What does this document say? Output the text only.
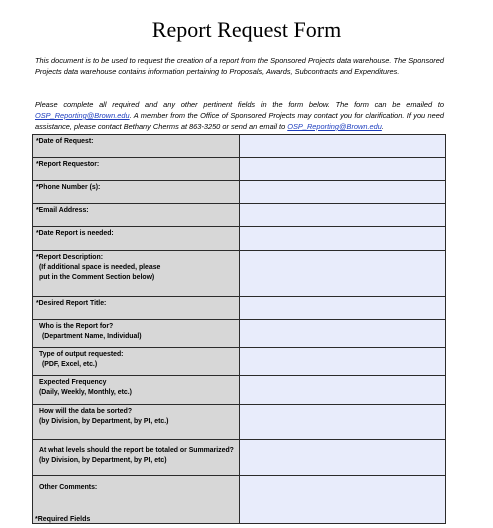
Report Request Form
This document is to be used to request the creation of a report from the Sponsored Projects data warehouse. The Sponsored Projects data warehouse contains information pertaining to Proposals, Awards, Subcontracts and Expenditures.
Please complete all required and any other pertinent fields in the form below. The form can be emailed to OSP_Reporting@Brown.edu. A member from the Office of Sponsored Projects may contact you for clarification. If you need assistance, please contact Bethany Cherms at 863-3250 or send an email to OSP_Reporting@Brown.edu.
*Date of Request:	

*Report Requestor:	

*Phone Number (s):	

*Email Address:	

*Date Report is needed:	

*Report Description:
(If additional space is needed, please put in the Comment Section below)	

*Desired Report Title:	

Who is the Report for?
(Department Name, Individual)	

Type of output requested:
(PDF, Excel, etc.)	

Expected Frequency
(Daily, Weekly, Monthly, etc.)	

How will the data be sorted?
(by Division, by Department, by PI, etc.)	

At what levels should the report be totaled or Summarized? (by Division, by Department, by PI, etc)	

Other Comments:	

*Required Fields
